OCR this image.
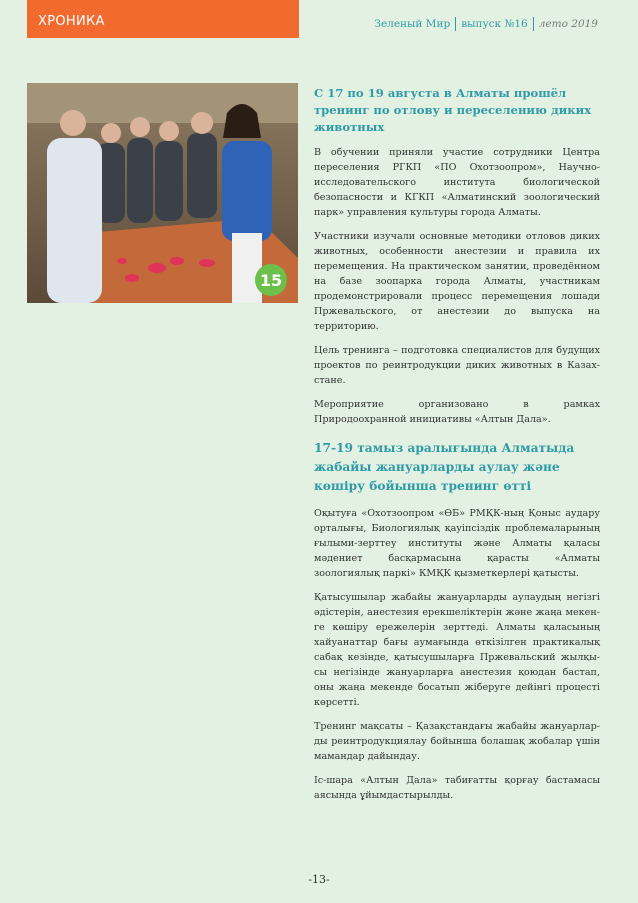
ХРОНИКА	Зеленый Мир выпуск №16 лето 2019
15
С 17 по 19 августа в Алматы прошёл тренинг по отлову и переселению диких животных

В обучении приняли участие сотрудники Центра переселения РГКП «ПО Охотзоопром», Научно-исследовательского института биологической безопасности и КГКП «Алматинский зоологический парк» управления культуры города Алматы.

Участники изучали основные методики отловов диких животных, особенности анестезии и правила их перемещения. На практическом занятии, проведённом на базе зоопарка города Алматы, участникам продемонстрировали процесс перемещения лошади Пржевальского, от анестезии до выпуска на территорию.

Цель тренинга – подготовка специалистов для будущих проектов по реинтродукции диких животных в Казахстане.

Мероприятие организовано в рамках Природоохранной инициативы «Алтын Дала».

17-19 тамыз аралығында Алматыда жабайы жануарларды аулау және көшіру бойынша тренинг өтті

Оқытуға «Охотзоопром «ӨБ» РМҚК-ның Қоныс аудару орталығы, Биологиялық қауіпсіздік проблемаларының ғылыми-зерттеу институты және Алматы қаласы мәдениет басқармасына қарасты «Алматы зоологиялық паркі» КМҚК қызметкерлері қатысты.

Қатысушылар жабайы жануарларды аулаудың негізгі әдістерін, анестезия ерекшеліктерін және жаңа мекенге көшіру ережелерін зерттеді. Алматы қаласының хайуанаттар бағы аумағында өткізілген практикалық сабақ кезінде, қатысушыларға Пржевальский жылқысы негізінде жануарларға анестезия қоюдан бастап, оны жаңа мекенде босатып жіберуге дейінгі процесті көрсетті.

Тренинг мақсаты – Қазақстандағы жабайы жануарларды реинтродукциялау бойынша болашақ жобалар үшін мамандар дайындау.

Іс-шара «Алтын Дала» табиғатты қорғау бастамасы аясында ұйымдастырылды.

-13-
